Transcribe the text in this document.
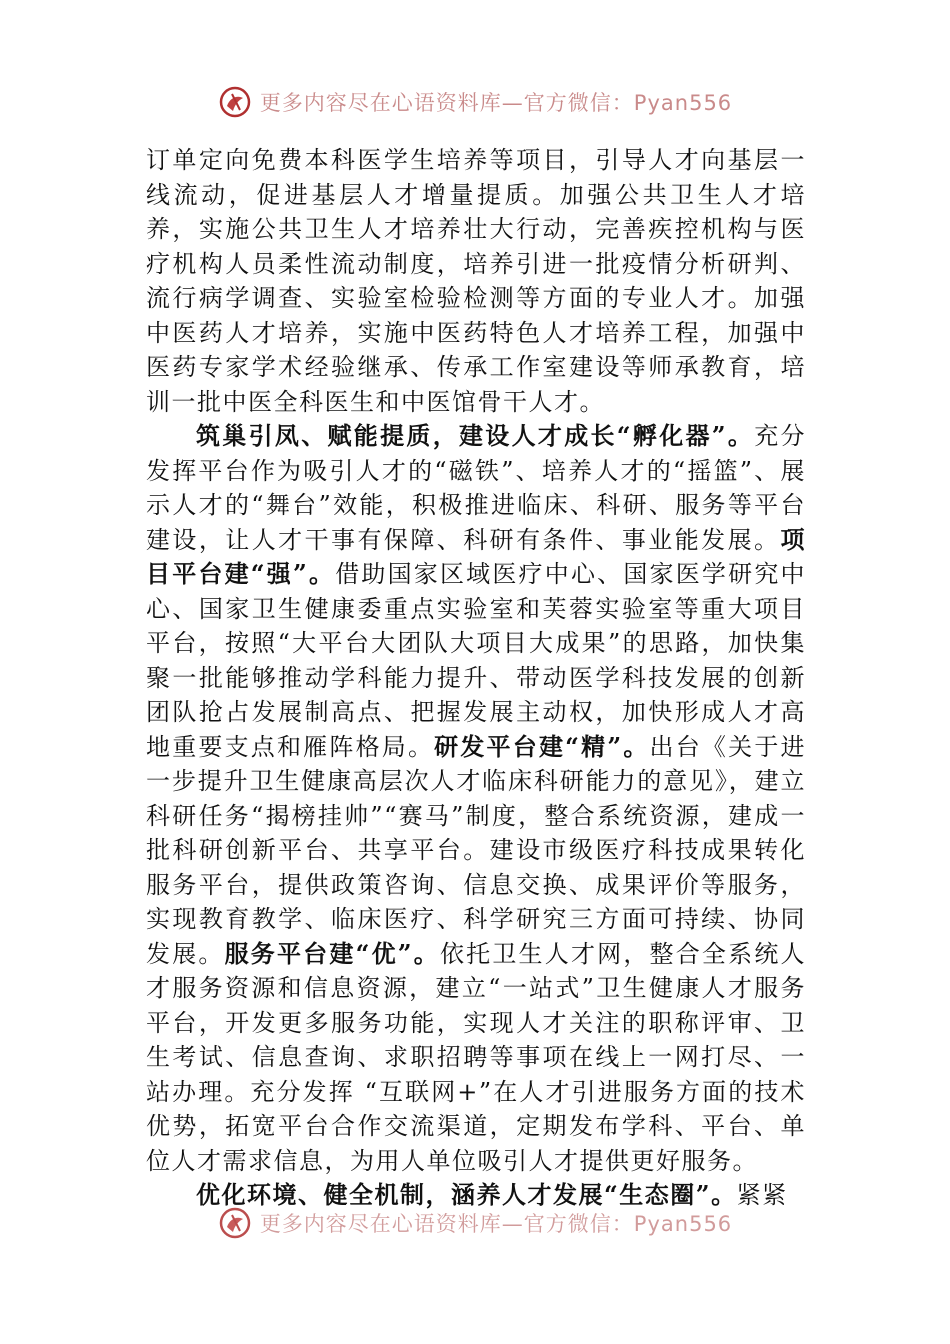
更多内容尽在心语资料库—官方微信：Pyan556

订单定向免费本科医学生培养等项目，引导人才向基层一线流动，促进基层人才增量提质。加强公共卫生人才培养，实施公共卫生人才培养壮大行动，完善疾控机构与医疗机构人员柔性流动制度，培养引进一批疫情分析研判、流行病学调查、实验室检验检测等方面的专业人才。加强中医药人才培养，实施中医药特色人才培养工程，加强中医药专家学术经验继承、传承工作室建设等师承教育，培训一批中医全科医生和中医馆骨干人才。

筑巢引凤、赋能提质，建设人才成长“孵化器”。充分发挥平台作为吸引人才的“磁铁”、培养人才的“摇篮”、展示人才的“舞台”效能，积极推进临床、科研、服务等平台建设，让人才干事有保障、科研有条件、事业能发展。项目平台建“强”。借助国家区域医疗中心、国家医学研究中心、国家卫生健康委重点实验室和芙蓉实验室等重大项目平台，按照“大平台大团队大项目大成果”的思路，加快集聚一批能够推动学科能力提升、带动医学科技发展的创新团队抢占发展制高点、把握发展主动权，加快形成人才高地重要支点和雁阵格局。研发平台建“精”。出台《关于进一步提升卫生健康高层次人才临床科研能力的意见》，建立科研任务“揭榜挂帅”“赛马”制度，整合系统资源，建成一批科研创新平台、共享平台。建设市级医疗科技成果转化服务平台，提供政策咨询、信息交换、成果评价等服务，实现教育教学、临床医疗、科学研究三方面可持续、协同发展。服务平台建“优”。依托卫生人才网，整合全系统人才服务资源和信息资源，建立“一站式”卫生健康人才服务平台，开发更多服务功能，实现人才关注的职称评审、卫生考试、信息查询、求职招聘等事项在线上一网打尽、一站办理。充分发挥 “互联网+”在人才引进服务方面的技术优势，拓宽平台合作交流渠道，定期发布学科、平台、单位人才需求信息，为用人单位吸引人才提供更好服务。

优化环境、健全机制，涵养人才发展“生态圈”。紧紧

更多内容尽在心语资料库—官方微信：Pyan556
